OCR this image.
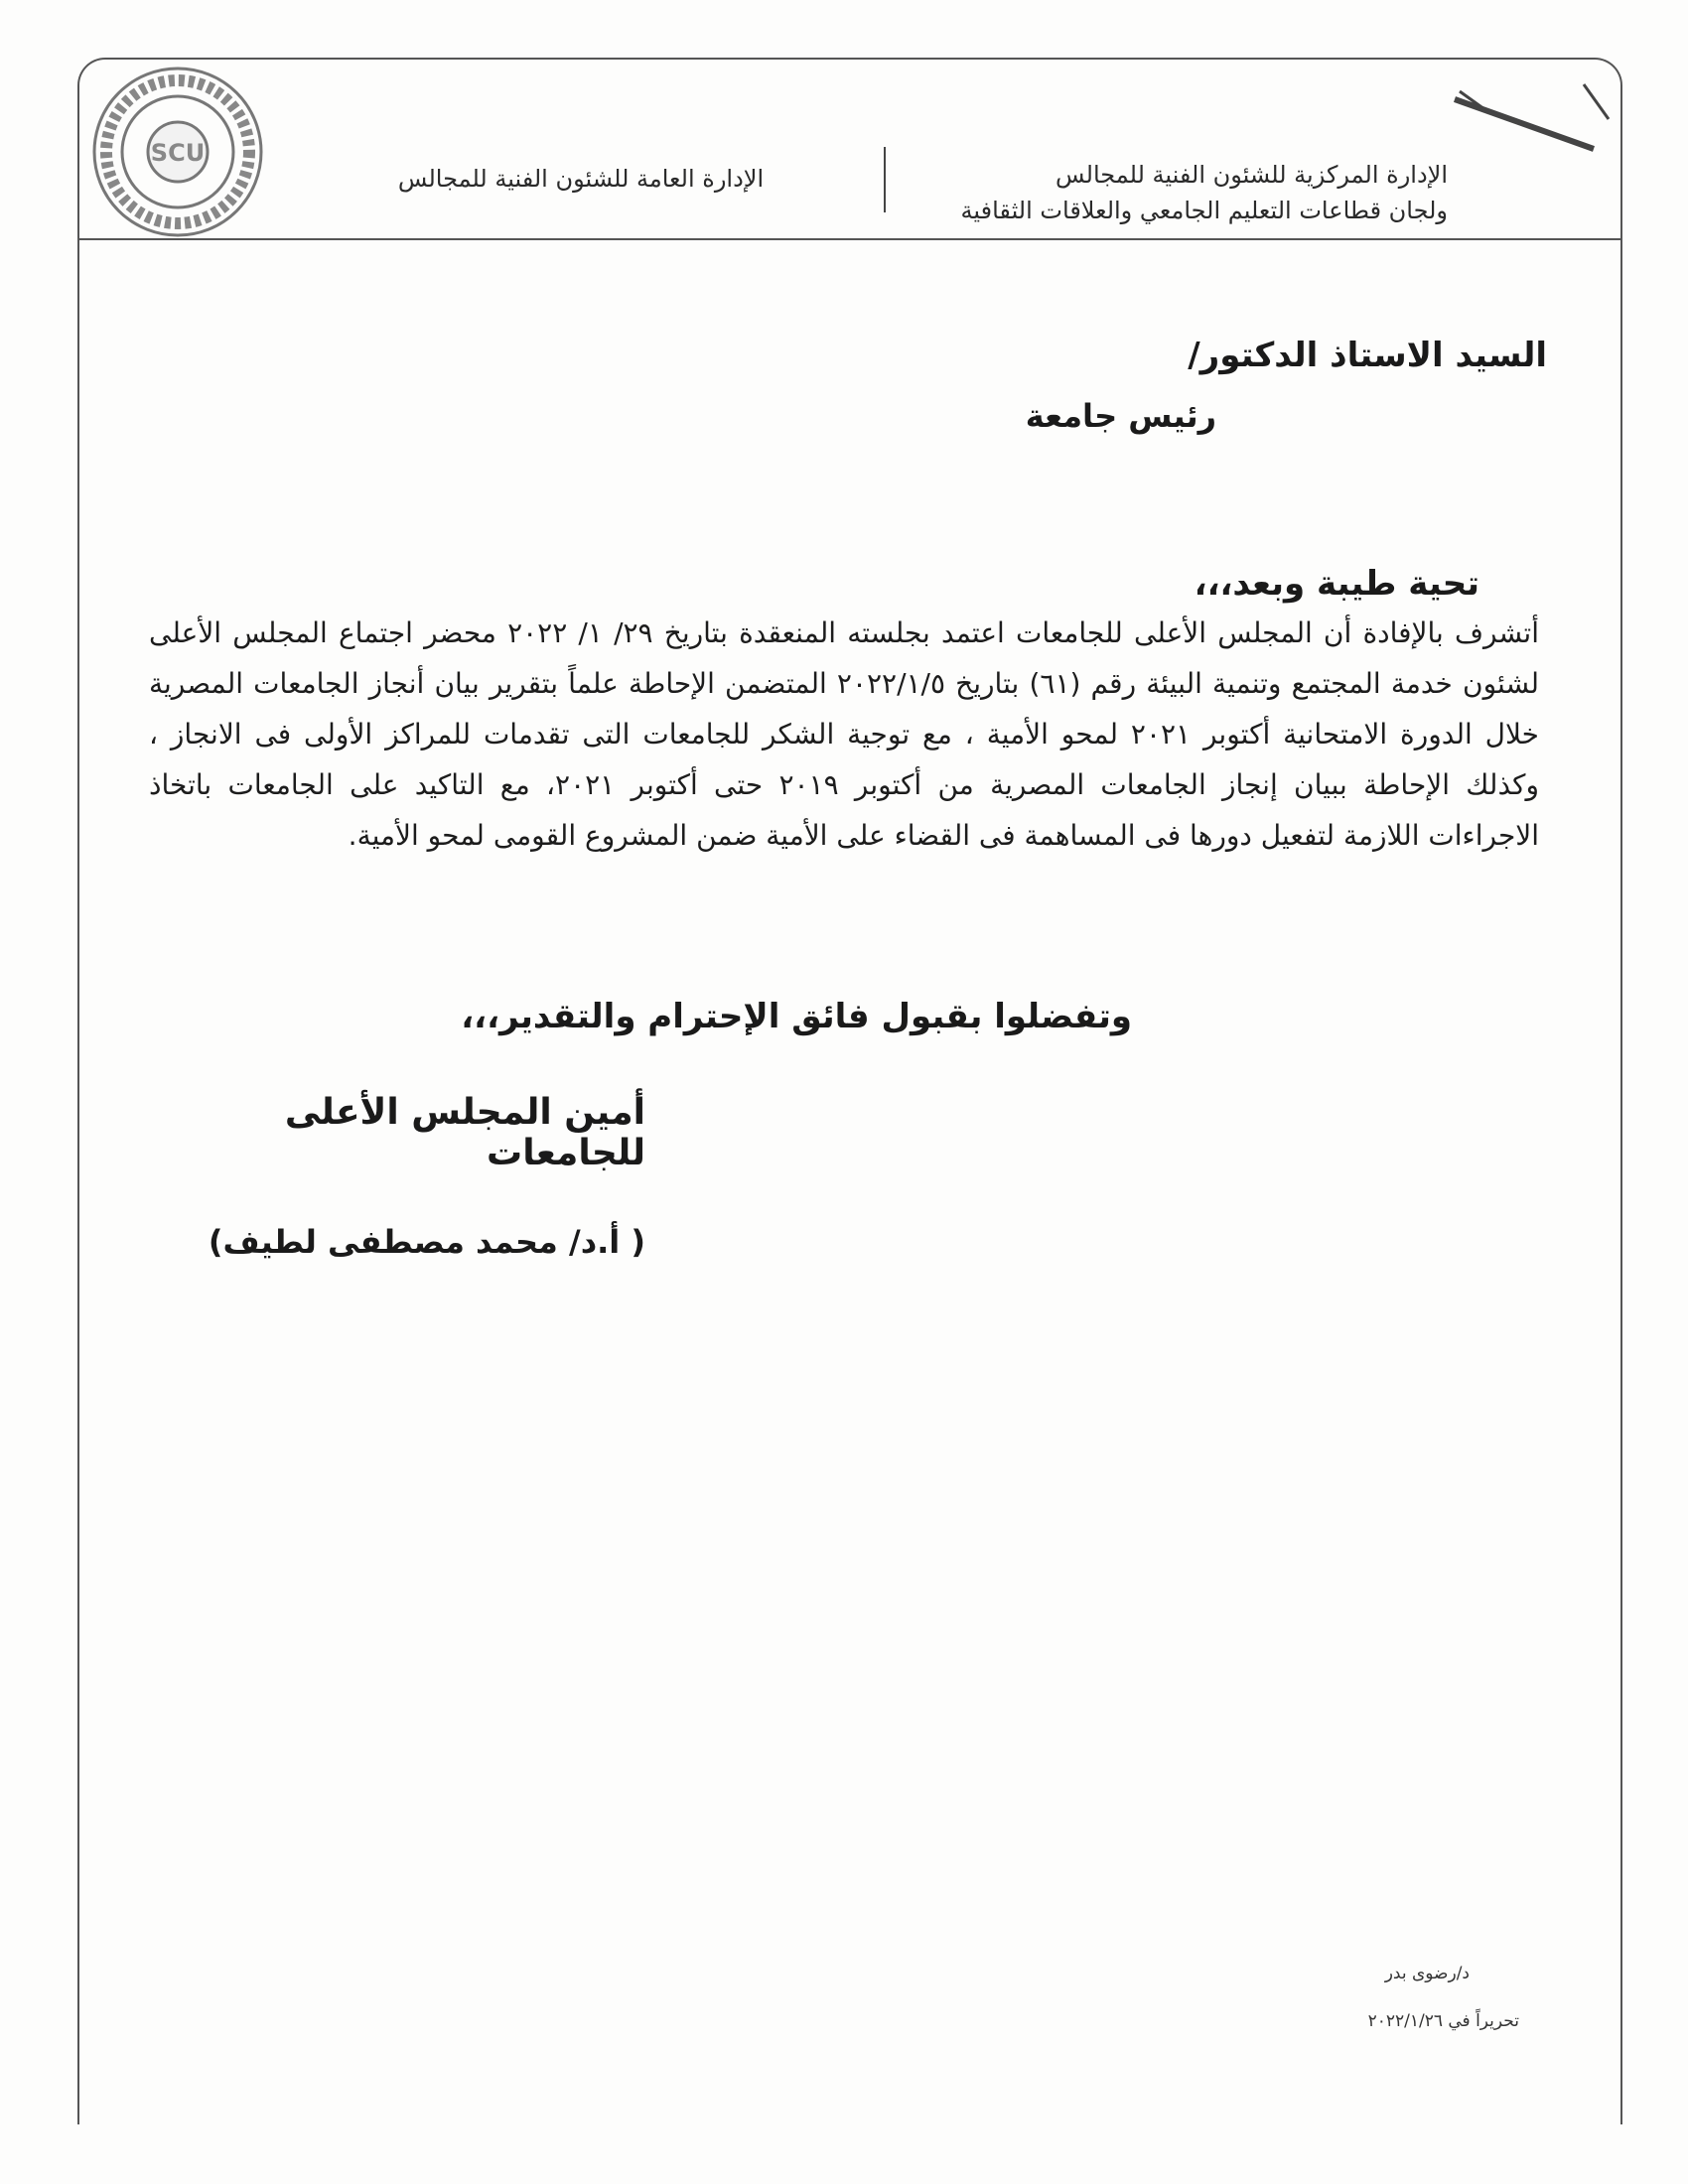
SCU
الإدارة المركزية للشئون الفنية للمجالس
ولجان قطاعات التعليم الجامعي والعلاقات الثقافية
الإدارة العامة للشئون الفنية للمجالس
السيد الاستاذ الدكتور/
رئيس جامعة
تحية طيبة وبعد،،،
أتشرف بالإفادة أن المجلس الأعلى للجامعات اعتمد بجلسته المنعقدة بتاريخ ٢٩/ ١/ ٢٠٢٢ محضر اجتماع المجلس الأعلى لشئون خدمة المجتمع وتنمية البيئة رقم (٦١) بتاريخ ٢٠٢٢/١/٥ المتضمن الإحاطة علماً بتقرير بيان أنجاز الجامعات المصرية خلال الدورة الامتحانية أكتوبر ٢٠٢١ لمحو الأمية ، مع توجية الشكر للجامعات التى تقدمات للمراكز الأولى فى الانجاز ، وكذلك الإحاطة ببيان إنجاز الجامعات المصرية من أكتوبر ٢٠١٩ حتى أكتوبر ٢٠٢١، مع التاكيد على الجامعات باتخاذ الاجراءات اللازمة لتفعيل دورها فى المساهمة فى القضاء على الأمية ضمن المشروع القومى لمحو الأمية.
وتفضلوا بقبول فائق الإحترام والتقدير،،،
أمين المجلس الأعلى للجامعات
( أ.د/ محمد مصطفى لطيف)
د/رضوى بدر
تحريراً في ٢٠٢٢/١/٢٦
